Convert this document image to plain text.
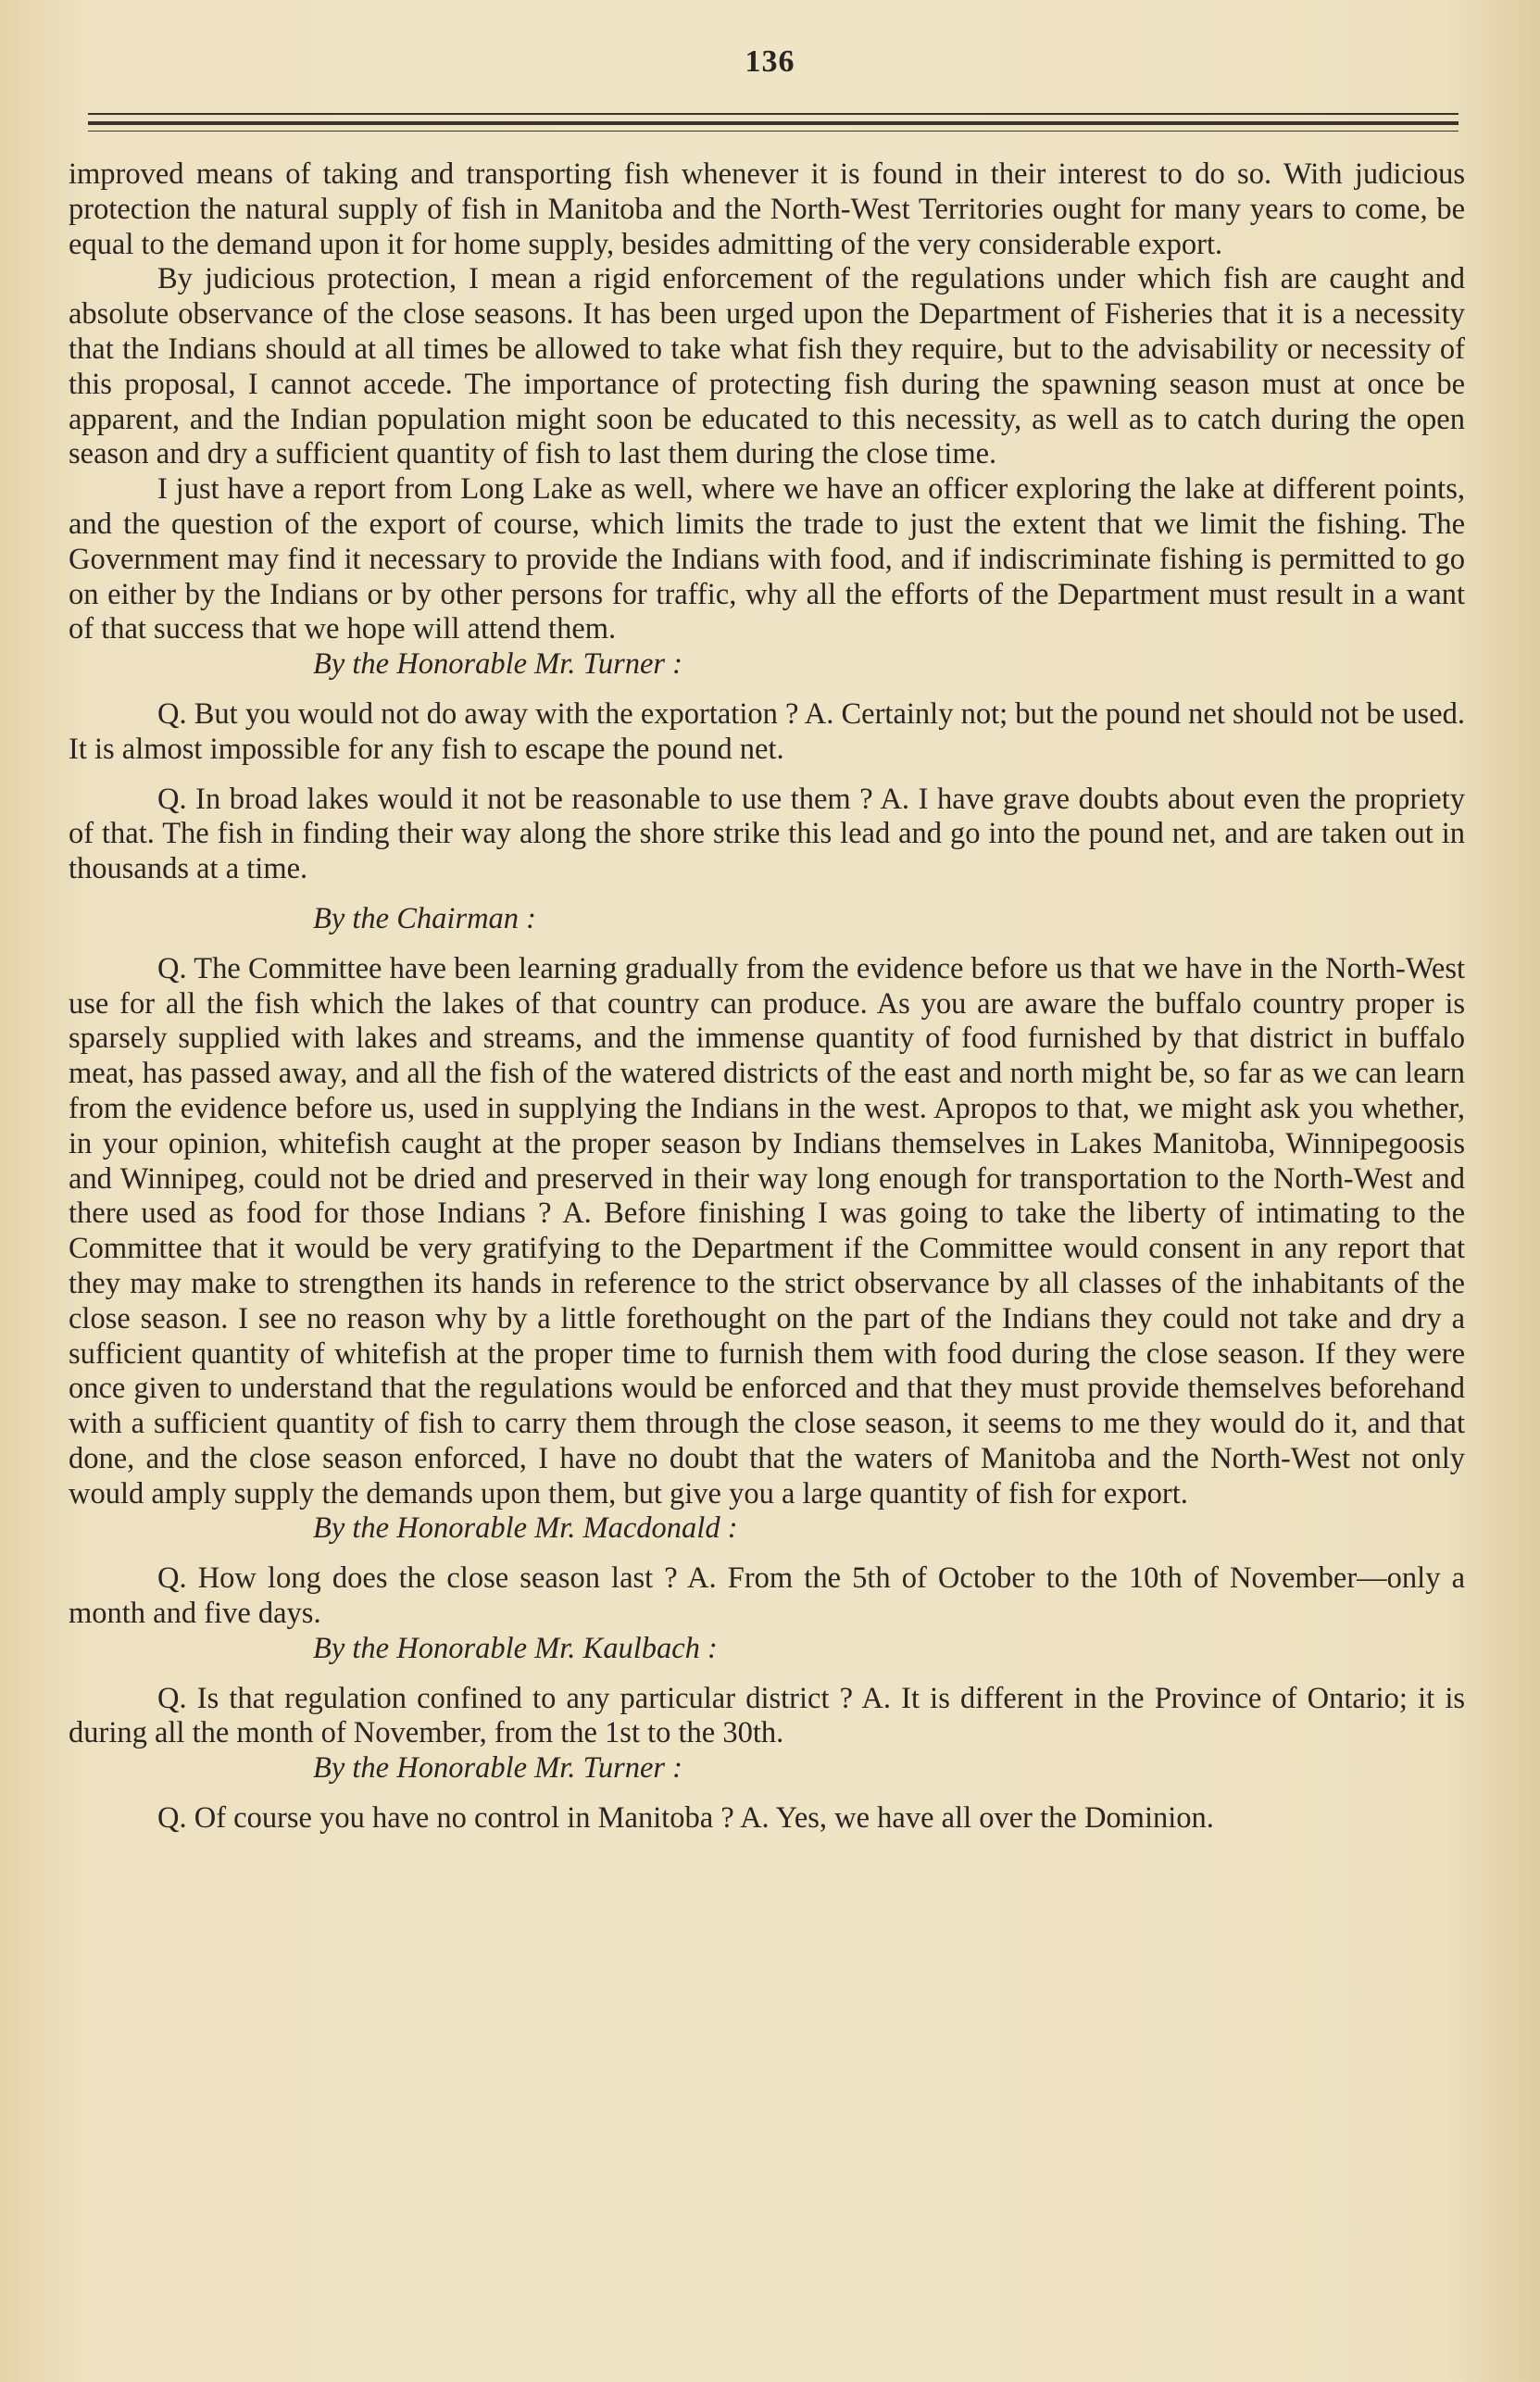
136

improved means of taking and transporting fish whenever it is found in their interest to do so. With judicious protection the natural supply of fish in Manitoba and the North-West Territories ought for many years to come, be equal to the demand upon it for home supply, besides admitting of the very considerable export.

By judicious protection, I mean a rigid enforcement of the regulations under which fish are caught and absolute observance of the close seasons. It has been urged upon the Department of Fisheries that it is a necessity that the Indians should at all times be allowed to take what fish they require, but to the advisability or necessity of this proposal, I cannot accede. The importance of protecting fish during the spawning season must at once be apparent, and the Indian population might soon be educated to this necessity, as well as to catch during the open season and dry a sufficient quantity of fish to last them during the close time.

I just have a report from Long Lake as well, where we have an officer exploring the lake at different points, and the question of the export of course, which limits the trade to just the extent that we limit the fishing. The Government may find it necessary to provide the Indians with food, and if indiscriminate fishing is permitted to go on either by the Indians or by other persons for traffic, why all the efforts of the Department must result in a want of that success that we hope will attend them.

By the Honorable Mr. Turner :

Q. But you would not do away with the exportation ? A. Certainly not; but the pound net should not be used. It is almost impossible for any fish to escape the pound net.

Q. In broad lakes would it not be reasonable to use them ? A. I have grave doubts about even the propriety of that. The fish in finding their way along the shore strike this lead and go into the pound net, and are taken out in thousands at a time.

By the Chairman :

Q. The Committee have been learning gradually from the evidence before us that we have in the North-West use for all the fish which the lakes of that country can produce. As you are aware the buffalo country proper is sparsely supplied with lakes and streams, and the immense quantity of food furnished by that district in buffalo meat, has passed away, and all the fish of the watered districts of the east and north might be, so far as we can learn from the evidence before us, used in supplying the Indians in the west. Apropos to that, we might ask you whether, in your opinion, whitefish caught at the proper season by Indians themselves in Lakes Manitoba, Winnipegoosis and Winnipeg, could not be dried and preserved in their way long enough for transportation to the North-West and there used as food for those Indians ? A. Before finishing I was going to take the liberty of intimating to the Committee that it would be very gratifying to the Department if the Committee would consent in any report that they may make to strengthen its hands in reference to the strict observance by all classes of the inhabitants of the close season. I see no reason why by a little forethought on the part of the Indians they could not take and dry a sufficient quantity of whitefish at the proper time to furnish them with food during the close season. If they were once given to understand that the regulations would be enforced and that they must provide themselves beforehand with a sufficient quantity of fish to carry them through the close season, it seems to me they would do it, and that done, and the close season enforced, I have no doubt that the waters of Manitoba and the North-West not only would amply supply the demands upon them, but give you a large quantity of fish for export.

By the Honorable Mr. Macdonald :

Q. How long does the close season last ? A. From the 5th of October to the 10th of November—only a month and five days.

By the Honorable Mr. Kaulbach :

Q. Is that regulation confined to any particular district ? A. It is different in the Province of Ontario; it is during all the month of November, from the 1st to the 30th.

By the Honorable Mr. Turner :

Q. Of course you have no control in Manitoba ? A. Yes, we have all over the Dominion.
